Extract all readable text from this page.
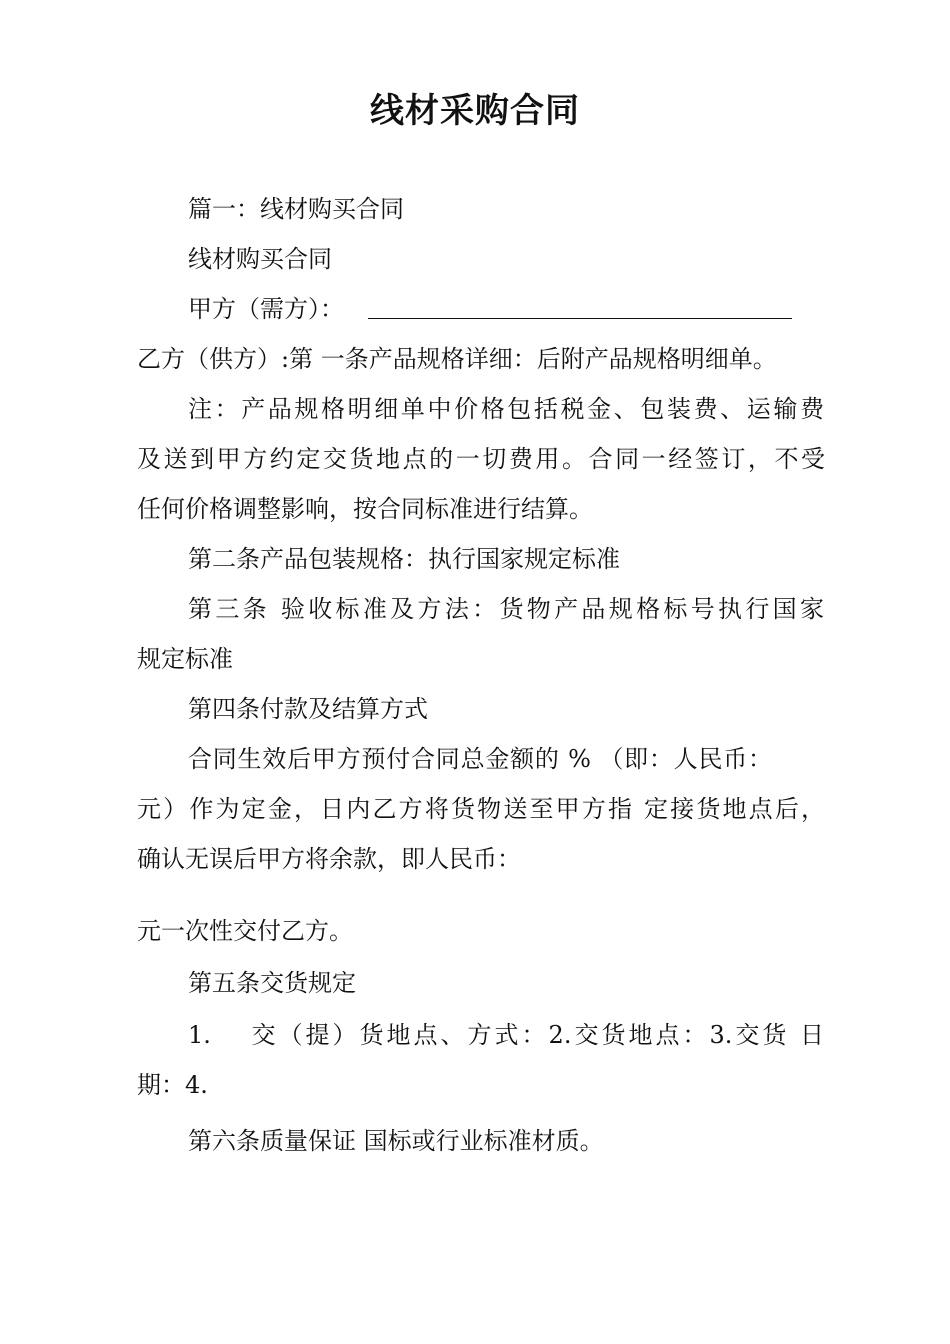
线材采购合同
篇一：线材购买合同
线材购买合同
甲方（需方）：
乙方（供方）:第 一条产品规格详细：后附产品规格明细单。
注：产品规格明细单中价格包括税金、包装费、运输费
及送到甲方约定交货地点的一切费用。合同一经签订，不受
任何价格调整影响，按合同标准进行结算。
第二条产品包装规格：执行国家规定标准
第三条 验收标准及方法：货物产品规格标号执行国家
规定标准
第四条付款及结算方式
合同生效后甲方预付合同总金额的 % （即：人民币：
元）作为定金，日内乙方将货物送至甲方指 定接货地点后，
确认无误后甲方将余款，即人民币：
元一次性交付乙方。
第五条交货规定
1.　 交（提）货地点、方式：2.交货地点：3.交货 日
期：4.
第六条质量保证 国标或行业标准材质。
